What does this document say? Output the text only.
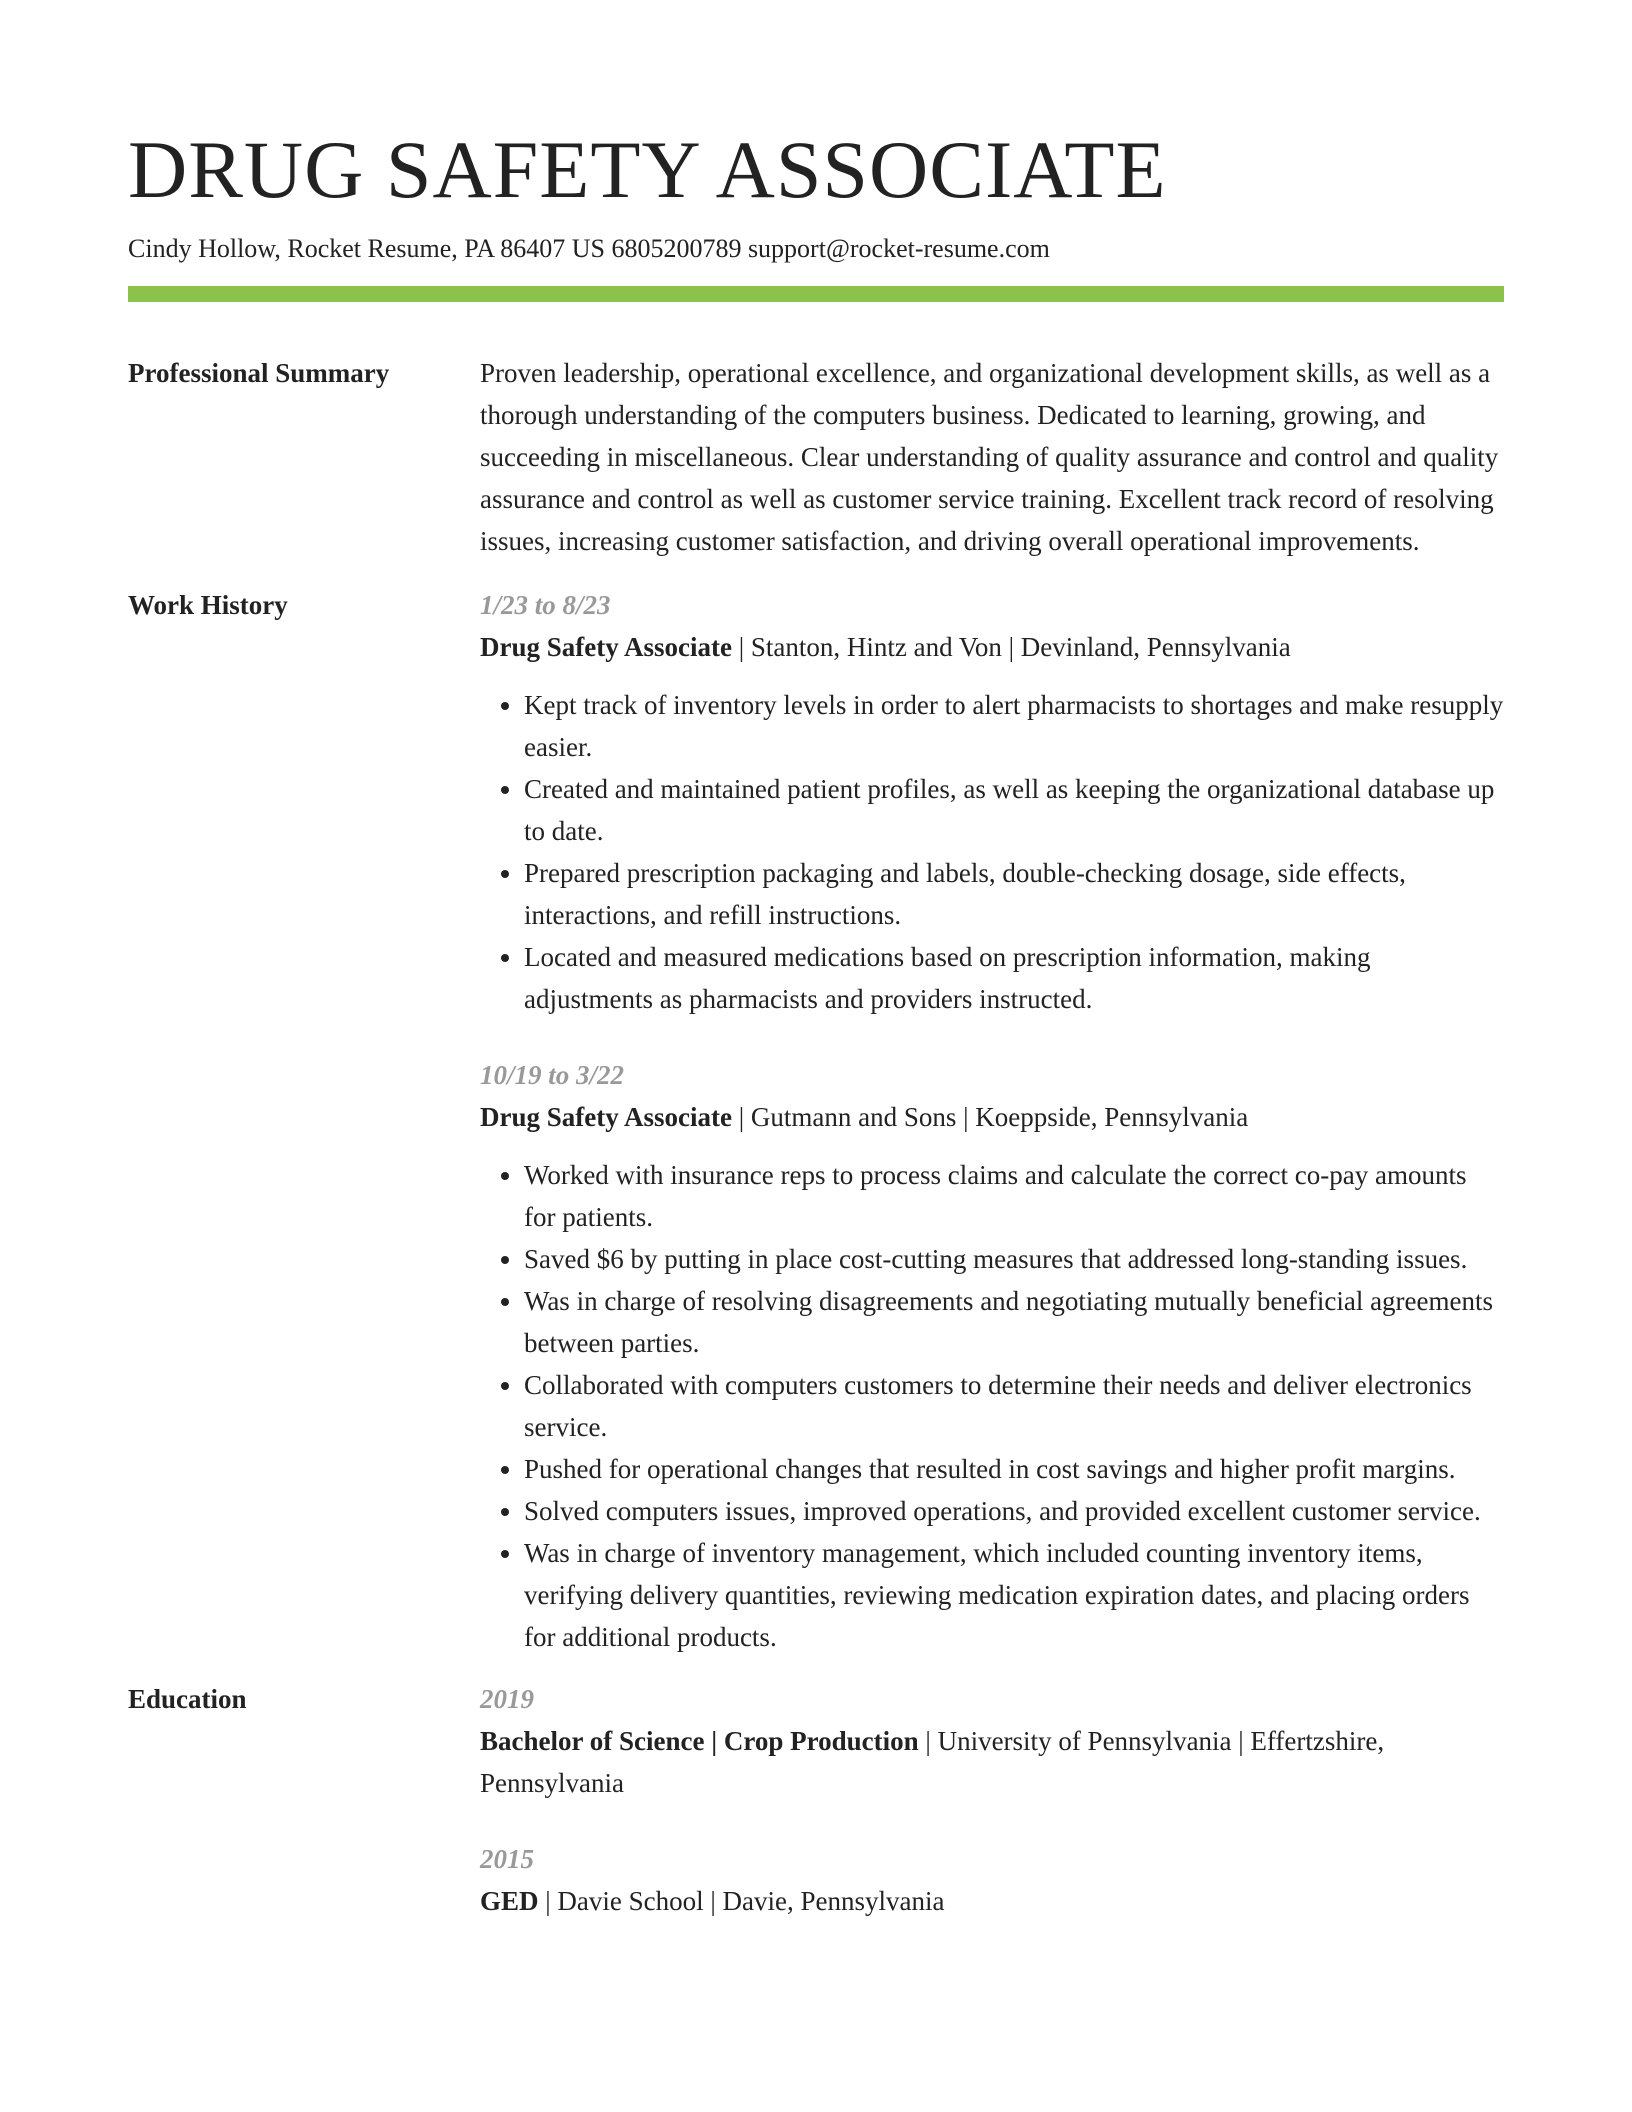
DRUG SAFETY ASSOCIATE
Cindy Hollow, Rocket Resume, PA 86407 US 6805200789 support@rocket-resume.com
Professional Summary	Proven leadership, operational excellence, and organizational development skills, as well as a thorough understanding of the computers business. Dedicated to learning, growing, and succeeding in miscellaneous. Clear understanding of quality assurance and control and quality assurance and control as well as customer service training. Excellent track record of resolving issues, increasing customer satisfaction, and driving overall operational improvements.
Work History	1/23 to 8/23
Drug Safety Associate | Stanton, Hintz and Von | Devinland, Pennsylvania
• Kept track of inventory levels in order to alert pharmacists to shortages and make resupply easier.
• Created and maintained patient profiles, as well as keeping the organizational database up to date.
• Prepared prescription packaging and labels, double-checking dosage, side effects, interactions, and refill instructions.
• Located and measured medications based on prescription information, making adjustments as pharmacists and providers instructed.
10/19 to 3/22
Drug Safety Associate | Gutmann and Sons | Koeppside, Pennsylvania
• Worked with insurance reps to process claims and calculate the correct co-pay amounts for patients.
• Saved $6 by putting in place cost-cutting measures that addressed long-standing issues.
• Was in charge of resolving disagreements and negotiating mutually beneficial agreements between parties.
• Collaborated with computers customers to determine their needs and deliver electronics service.
• Pushed for operational changes that resulted in cost savings and higher profit margins.
• Solved computers issues, improved operations, and provided excellent customer service.
• Was in charge of inventory management, which included counting inventory items, verifying delivery quantities, reviewing medication expiration dates, and placing orders for additional products.
Education	2019
Bachelor of Science | Crop Production | University of Pennsylvania | Effertzshire, Pennsylvania
2015
GED | Davie School | Davie, Pennsylvania
